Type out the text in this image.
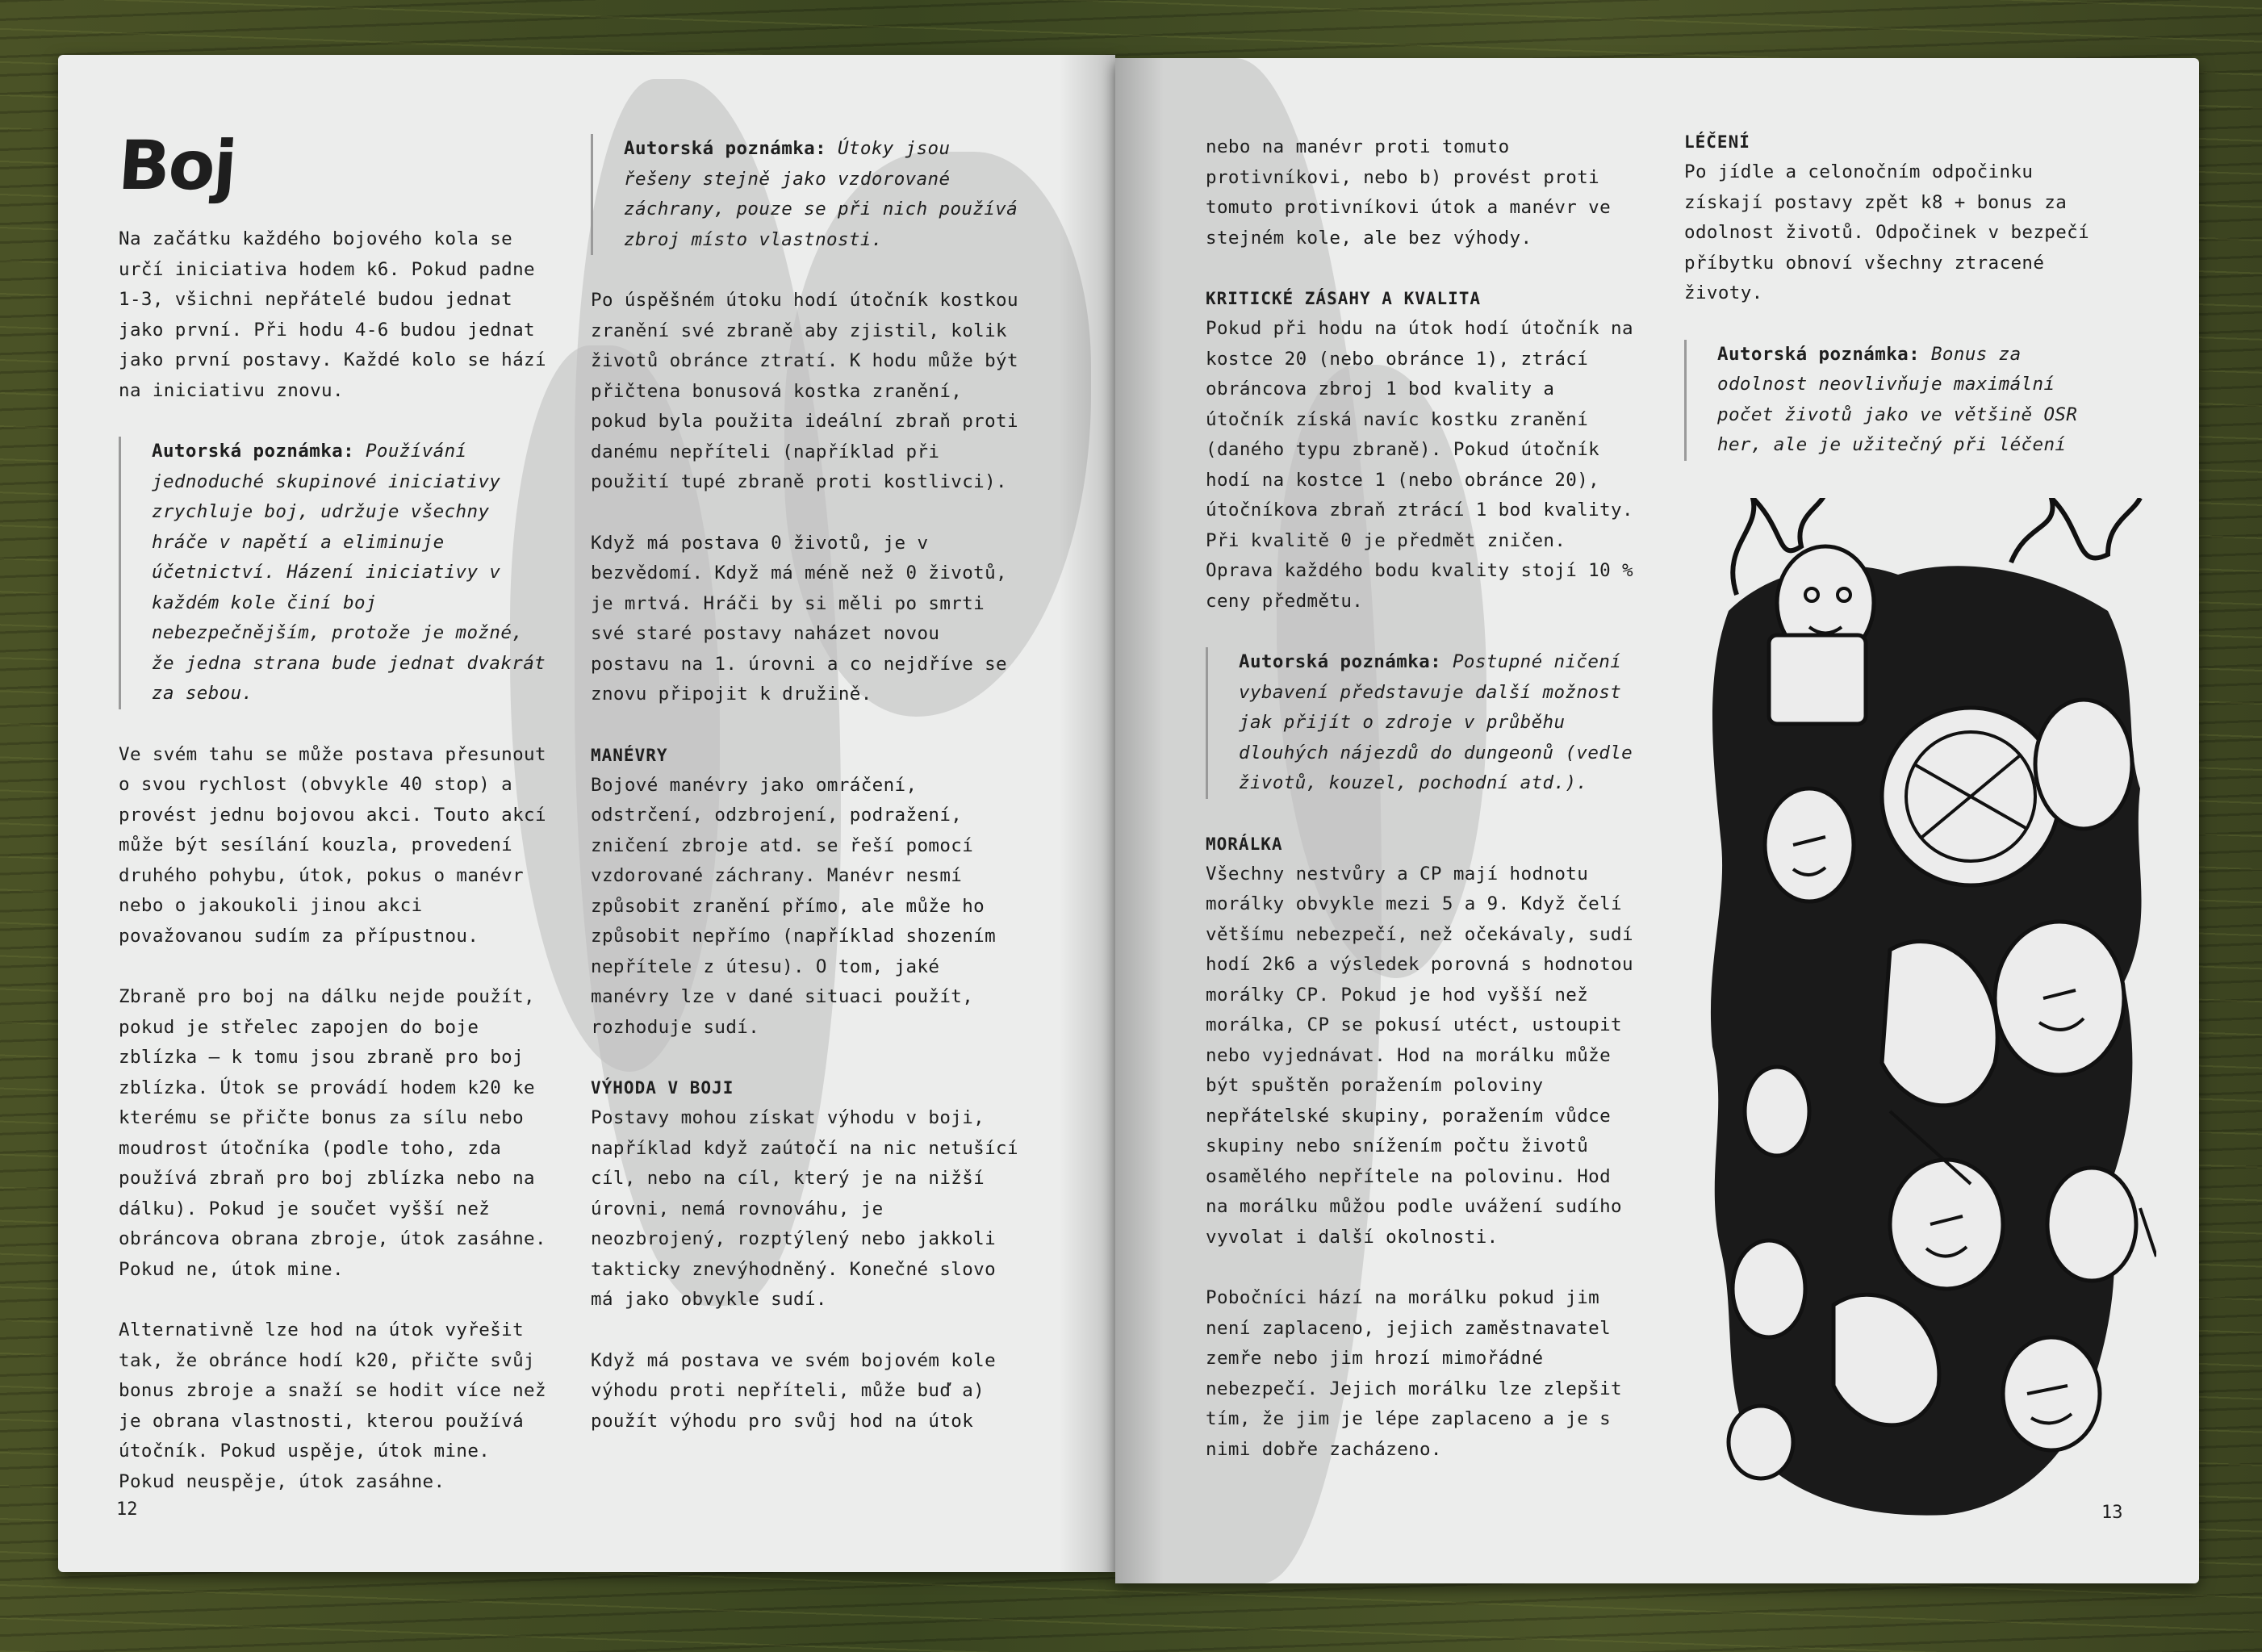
Boj

Na začátku každého bojového kola se určí iniciativa hodem k6. Pokud padne 1-3, všichni nepřátelé budou jednat jako první. Při hodu 4-6 budou jednat jako první postavy. Každé kolo se hází na iniciativu znovu.

Autorská poznámka: Používání jednoduché skupinové iniciativy zrychluje boj, udržuje všechny hráče v napětí a eliminuje účetnictví. Házení iniciativy v každém kole činí boj nebezpečnějším, protože je možné, že jedna strana bude jednat dvakrát za sebou.

Ve svém tahu se může postava přesunout o svou rychlost (obvykle 40 stop) a provést jednu bojovou akci. Touto akcí může být sesílání kouzla, provedení druhého pohybu, útok, pokus o manévr nebo o jakoukoli jinou akci považovanou sudím za přípustnou.

Zbraně pro boj na dálku nejde použít, pokud je střelec zapojen do boje zblízka – k tomu jsou zbraně pro boj zblízka. Útok se provádí hodem k20 ke kterému se přičte bonus za sílu nebo moudrost útočníka (podle toho, zda používá zbraň pro boj zblízka nebo na dálku). Pokud je součet vyšší než obráncova obrana zbroje, útok zasáhne. Pokud ne, útok mine.

Alternativně lze hod na útok vyřešit tak, že obránce hodí k20, přičte svůj bonus zbroje a snaží se hodit více než je obrana vlastnosti, kterou používá útočník. Pokud uspěje, útok mine. Pokud neuspěje, útok zasáhne.

Autorská poznámka: Útoky jsou řešeny stejně jako vzdorované záchrany, pouze se při nich používá zbroj místo vlastnosti.

Po úspěšném útoku hodí útočník kostkou zranění své zbraně aby zjistil, kolik životů obránce ztratí. K hodu může být přičtena bonusová kostka zranění, pokud byla použita ideální zbraň proti danému nepříteli (například při použití tupé zbraně proti kostlivci).

Když má postava 0 životů, je v bezvědomí. Když má méně než 0 životů, je mrtvá. Hráči by si měli po smrti své staré postavy naházet novou postavu na 1. úrovni a co nejdříve se znovu připojit k družině.

MANÉVRY

Bojové manévry jako omráčení, odstrčení, odzbrojení, podražení, zničení zbroje atd. se řeší pomocí vzdorované záchrany. Manévr nesmí způsobit zranění přímo, ale může ho způsobit nepřímo (například shozením nepřítele z útesu). O tom, jaké manévry lze v dané situaci použít, rozhoduje sudí.

VÝHODA V BOJI

Postavy mohou získat výhodu v boji, například když zaútočí na nic netušící cíl, nebo na cíl, který je na nižší úrovni, nemá rovnováhu, je neozbrojený, rozptýlený nebo jakkoli takticky znevýhodněný. Konečné slovo má jako obvykle sudí.

Když má postava ve svém bojovém kole výhodu proti nepříteli, může buď a) použít výhodu pro svůj hod na útok

12

nebo na manévr proti tomuto protivníkovi, nebo b) provést proti tomuto protivníkovi útok a manévr ve stejném kole, ale bez výhody.

KRITICKÉ ZÁSAHY A KVALITA

Pokud při hodu na útok hodí útočník na kostce 20 (nebo obránce 1), ztrácí obráncova zbroj 1 bod kvality a útočník získá navíc kostku zranění (daného typu zbraně). Pokud útočník hodí na kostce 1 (nebo obránce 20), útočníkova zbraň ztrácí 1 bod kvality. Při kvalitě 0 je předmět zničen. Oprava každého bodu kvality stojí 10 % ceny předmětu.

Autorská poznámka: Postupné ničení vybavení představuje další možnost jak přijít o zdroje v průběhu dlouhých nájezdů do dungeonů (vedle životů, kouzel, pochodní atd.).
MORÁLKA

Všechny nestvůry a CP mají hodnotu morálky obvykle mezi 5 a 9. Když čelí většímu nebezpečí, než očekávaly, sudí hodí 2k6 a výsledek porovná s hodnotou morálky CP. Pokud je hod vyšší než morálka, CP se pokusí utéct, ustoupit nebo vyjednávat. Hod na morálku může být spuštěn poražením poloviny nepřátelské skupiny, poražením vůdce skupiny nebo snížením počtu životů osamělého nepřítele na polovinu. Hod na morálku můžou podle uvážení sudího vyvolat i další okolnosti.

Pobočníci hází na morálku pokud jim není zaplaceno, jejich zaměstnavatel zemře nebo jim hrozí mimořádné nebezpečí. Jejich morálku lze zlepšit tím, že jim je lépe zaplaceno a je s nimi dobře zacházeno.

LÉČENÍ

Po jídle a celonočním odpočinku získají postavy zpět k8 + bonus za odolnost životů. Odpočinek v bezpečí příbytku obnoví všechny ztracené životy.

Autorská poznámka: Bonus za odolnost neovlivňuje maximální počet životů jako ve většině OSR her, ale je užitečný při léčení
13
